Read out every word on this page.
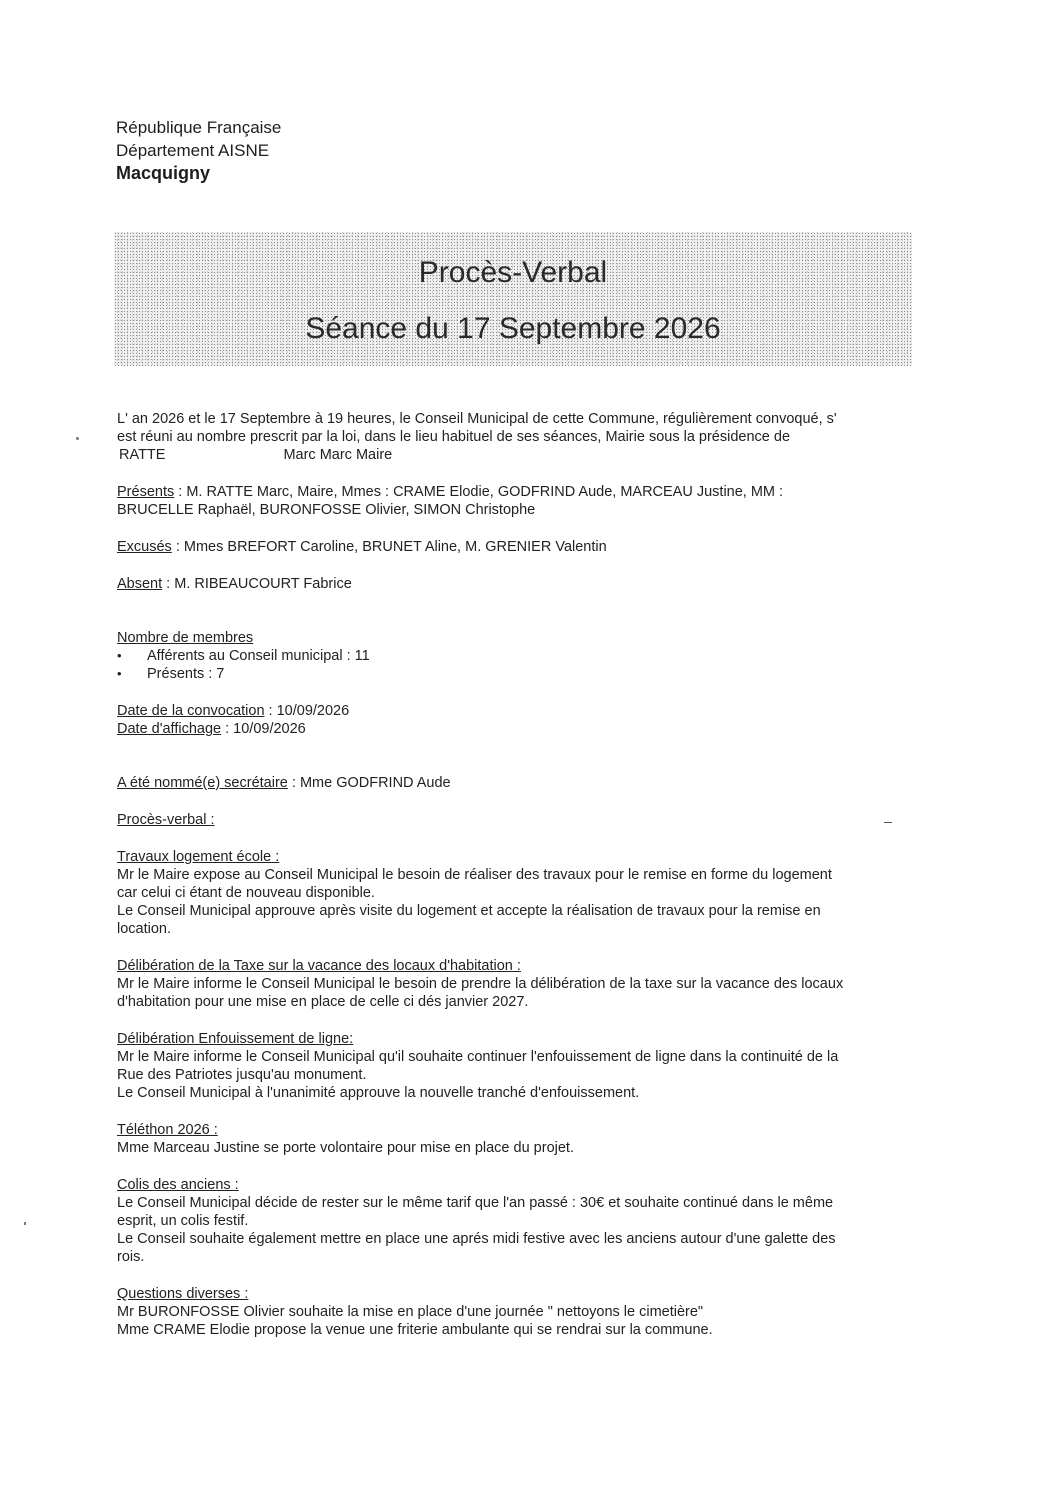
République Française
Département AISNE
Macquigny
Procès-Verbal
Séance du 17 Septembre 2026

L' an 2026 et le 17 Septembre à 19 heures, le Conseil Municipal de cette Commune, régulièrement convoqué, s'

est réuni au nombre prescrit par la loi, dans le lieu habituel de ses séances, Mairie sous la présidence de

RATTE	Marc Marc Maire

Présents : M. RATTE Marc, Maire, Mmes : CRAME Elodie, GODFRIND Aude, MARCEAU Justine, MM :

BRUCELLE Raphaël, BURONFOSSE Olivier, SIMON Christophe

Excusés : Mmes BREFORT Caroline, BRUNET Aline, M. GRENIER Valentin

Absent : M. RIBEAUCOURT Fabrice

Nombre de membres

• Afférents au Conseil municipal : 11
• Présents : 7

Date de la convocation : 10/09/2026

Date d'affichage : 10/09/2026

A été nommé(e) secrétaire : Mme GODFRIND Aude

Procès-verbal :

Travaux logement école :

Mr le Maire expose au Conseil Municipal le besoin de réaliser des travaux pour le remise en forme du logement

car celui ci étant de nouveau disponible.

Le Conseil Municipal approuve après visite du logement et accepte la réalisation de travaux pour la remise en

location.

Délibération de la Taxe sur la vacance des locaux d'habitation :

Mr le Maire informe le Conseil Municipal le besoin de prendre la délibération de la taxe sur la vacance des locaux

d'habitation pour une mise en place de celle ci dés janvier 2027.

Délibération Enfouissement de ligne:

Mr le Maire informe le Conseil Municipal qu'il souhaite continuer l'enfouissement de ligne dans la continuité de la

Rue des Patriotes jusqu'au monument.

Le Conseil Municipal à l'unanimité approuve la nouvelle tranché d'enfouissement.

Téléthon 2026 :

Mme Marceau Justine se porte volontaire pour mise en place du projet.

Colis des anciens :

Le Conseil Municipal décide de rester sur le même tarif que l'an passé : 30€ et souhaite continué dans le même

esprit, un colis festif.

Le Conseil souhaite également mettre en place une aprés midi festive avec les anciens autour d'une galette des

rois.

Questions diverses :

Mr BURONFOSSE Olivier souhaite la mise en place d'une journée " nettoyons le cimetière"

Mme CRAME Elodie propose la venue une friterie ambulante qui se rendrai sur la commune.
